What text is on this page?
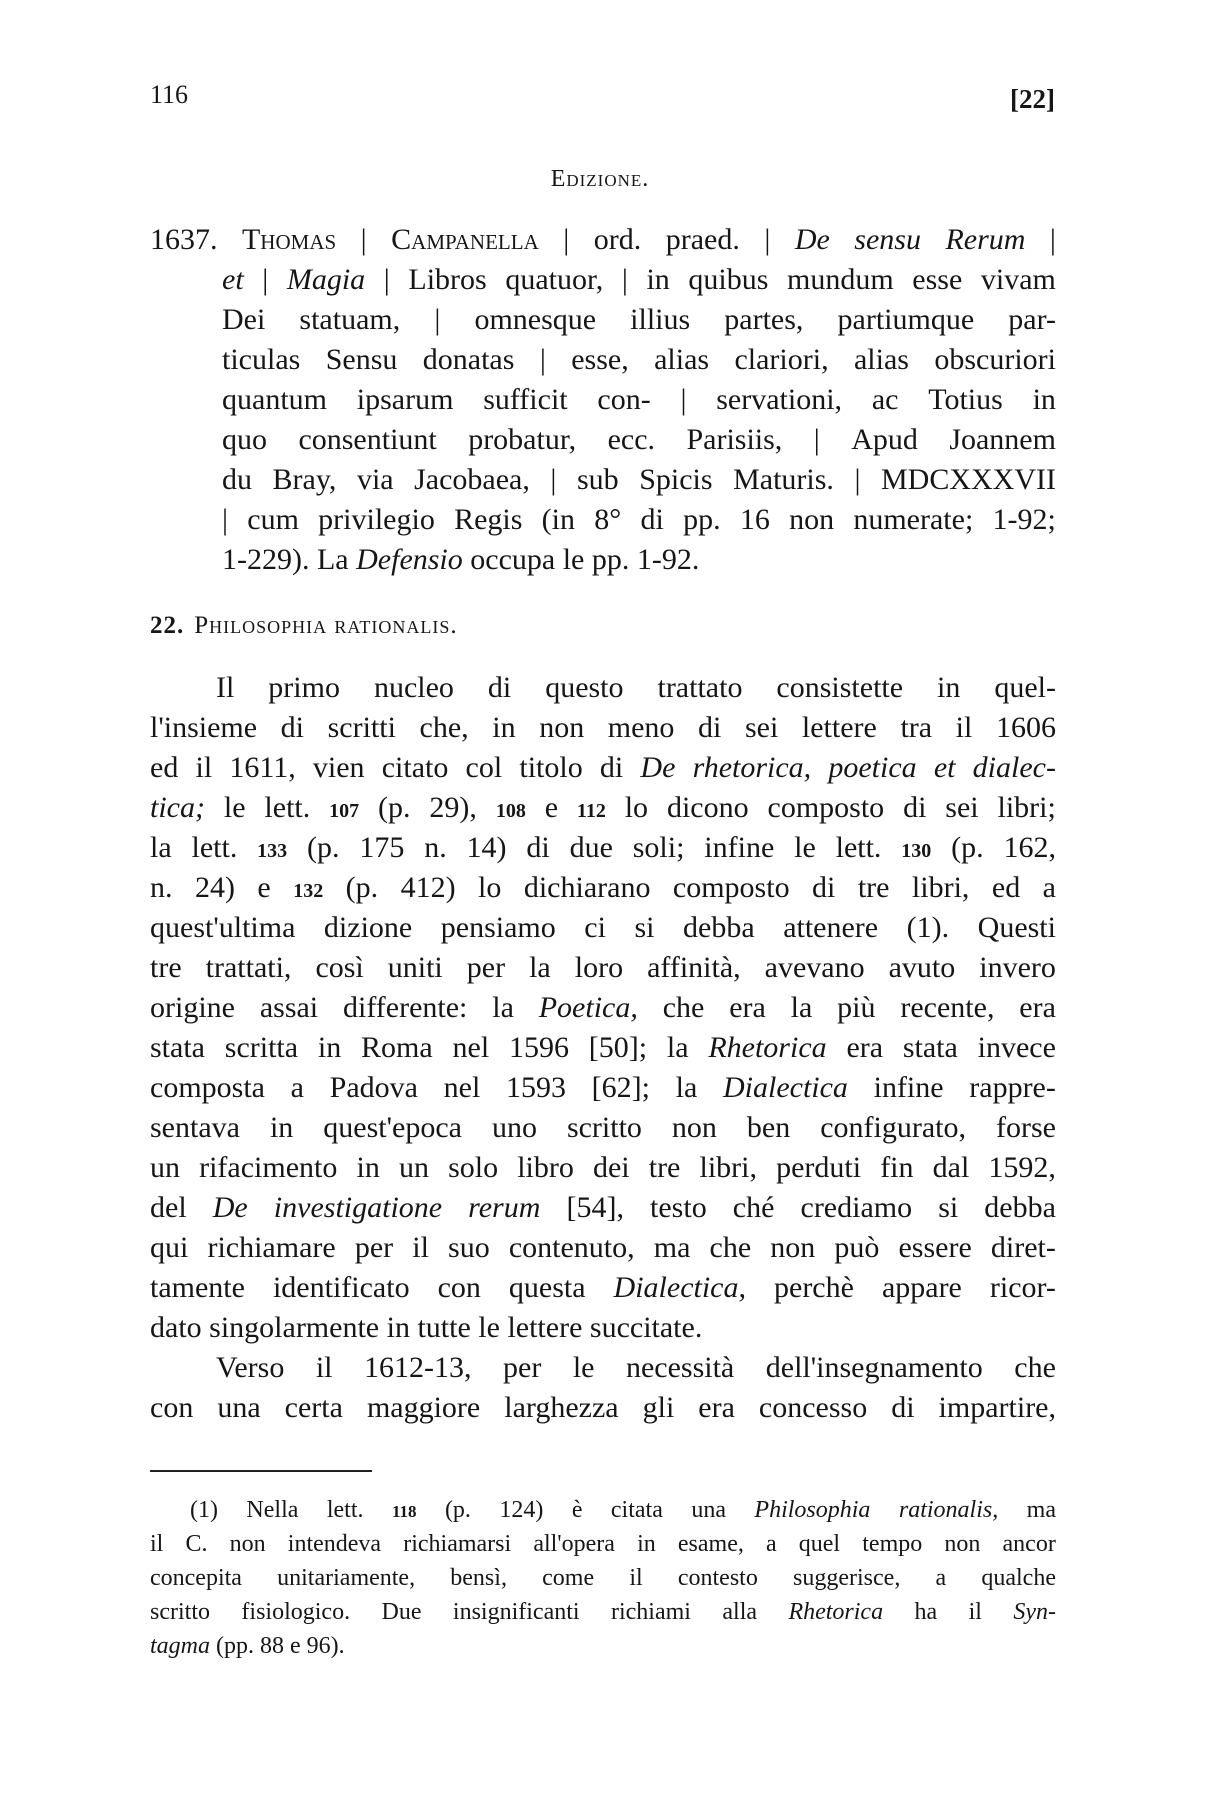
116	[22]
Edizione.
1637. Thomas | Campanella | ord. praed. | De sensu Rerum |
et | Magia | Libros quatuor, | in quibus mundum esse vivam
Dei statuam, | omnesque illius partes, partiumque par-
ticulas Sensu donatas | esse, alias clariori, alias obscuriori
quantum ipsarum sufficit con- | servationi, ac Totius in
quo consentiunt probatur, ecc. Parisiis, | Apud Joannem
du Bray, via Jacobaea, | sub Spicis Maturis. | MDCXXXVII
| cum privilegio Regis (in 8° di pp. 16 non numerate; 1-92;
1-229).
La
Defensio
occupa
le
pp.
1-92.
22. Philosophia rationalis.
Il primo nucleo di questo trattato consistette in quel-
l'insieme di scritti che, in non meno di sei lettere tra il 1606
ed il 1611, vien citato col titolo di De rhetorica, poetica et dialec-
tica; le lett. 107 (p. 29), 108 e 112 lo dicono composto di sei libri;
la lett. 133 (p. 175 n. 14) di due soli; infine le lett. 130 (p. 162,
n. 24) e 132 (p. 412) lo dichiarano composto di tre libri, ed a
quest'ultima dizione pensiamo ci si debba attenere (1). Questi
tre trattati, così uniti per la loro affinità, avevano avuto invero
origine assai differente: la Poetica, che era la più recente, era
stata scritta in Roma nel 1596 [50]; la Rhetorica era stata invece
composta a Padova nel 1593 [62]; la Dialectica infine rappre-
sentava in quest'epoca uno scritto non ben configurato, forse
un rifacimento in un solo libro dei tre libri, perduti fin dal 1592,
del De investigatione rerum [54], testo ché crediamo si debba
qui richiamare per il suo contenuto, ma che non può essere diret-
tamente identificato con questa Dialectica, perchè appare ricor-
dato
singolarmente
in
tutte
le
lettere
succitate.
Verso il 1612-13, per le necessità dell'insegnamento che
con una certa maggiore larghezza gli era concesso di impartire,
(1) Nella lett. 118 (p. 124) è citata una Philosophia rationalis, ma
il C. non intendeva richiamarsi all'opera in esame, a quel tempo non ancor
concepita unitariamente, bensì, come il contesto suggerisce, a qualche
scritto fisiologico. Due insignificanti richiami alla Rhetorica ha il Syn-
tagma
(pp.
88
e
96).
